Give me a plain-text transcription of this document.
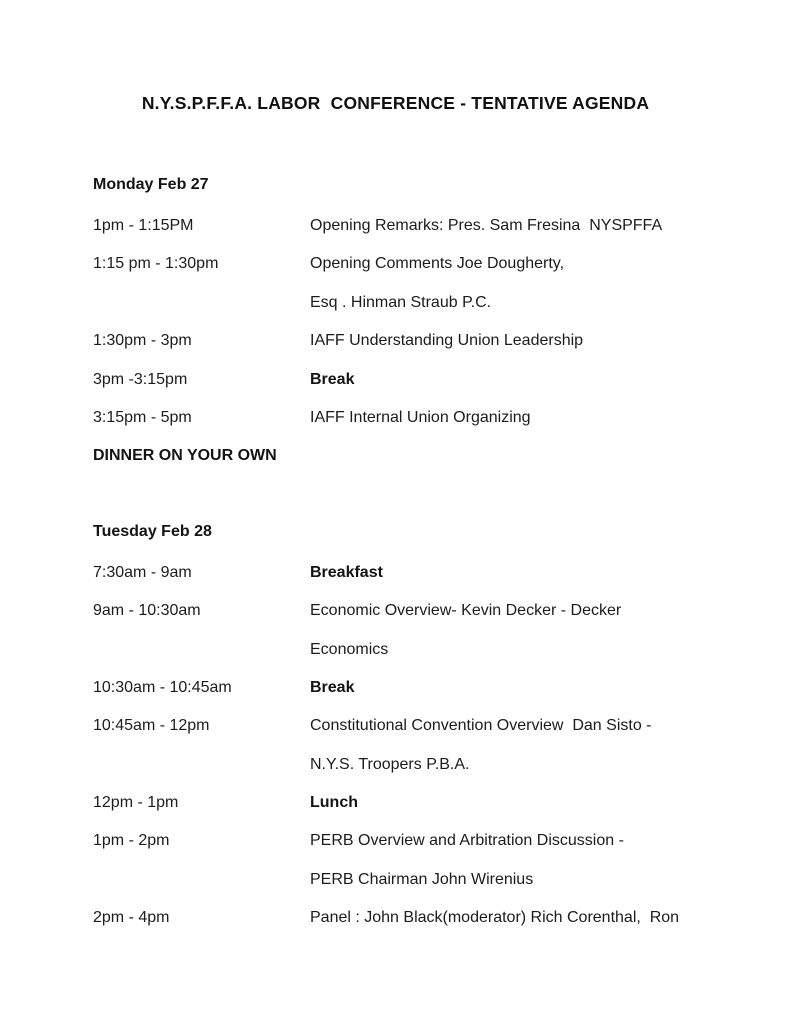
N.Y.S.P.F.F.A. LABOR  CONFERENCE - TENTATIVE AGENDA
Monday Feb 27
1pm - 1:15PM	Opening Remarks: Pres. Sam Fresina  NYSPFFA
1:15 pm - 1:30pm	Opening Comments Joe Dougherty,
Esq . Hinman Straub P.C.
1:30pm - 3pm	IAFF Understanding Union Leadership
3pm -3:15pm	Break
3:15pm - 5pm	IAFF Internal Union Organizing
DINNER ON YOUR OWN
Tuesday Feb 28
7:30am - 9am	Breakfast
9am - 10:30am	Economic Overview- Kevin Decker - Decker
Economics
10:30am - 10:45am	Break
10:45am - 12pm	Constitutional Convention Overview  Dan Sisto -
N.Y.S. Troopers P.B.A.
12pm - 1pm	Lunch
1pm - 2pm	PERB Overview and Arbitration Discussion -
PERB Chairman John Wirenius
2pm - 4pm	Panel : John Black(moderator) Rich Corenthal,  Ron
